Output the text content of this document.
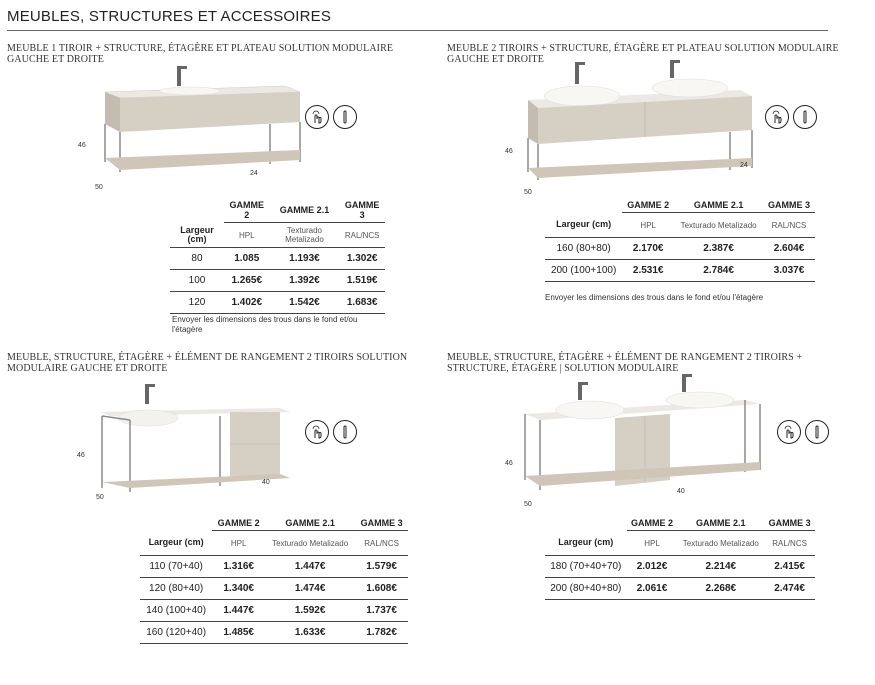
MEUBLES, STRUCTURES ET ACCESSOIRES
MEUBLE 1 TIROIR + STRUCTURE, ÉTAGÈRE ET PLATEAU SOLUTION MODULAIRE GAUCHE ET DROITE
46
50
24
	GAMME 2	GAMME 2.1	GAMME 3
Largeur (cm)	HPL	Texturado Metalizado	RAL/NCS
80	1.085	1.193€	1.302€
100	1.265€	1.392€	1.519€
120	1.402€	1.542€	1.683€
Envoyer les dimensions des trous dans le fond et/ou l'étagère
MEUBLE 2 TIROIRS + STRUCTURE, ÉTAGÈRE ET PLATEAU SOLUTION MODULAIRE GAUCHE ET DROITE
46
50
24
	GAMME 2	GAMME 2.1	GAMME 3
Largeur (cm)	HPL	Texturado Metalizado	RAL/NCS
160 (80+80)	2.170€	2.387€	2.604€
200 (100+100)	2.531€	2.784€	3.037€
Envoyer les dimensions des trous dans le fond et/ou l'étagère
MEUBLE, STRUCTURE, ÉTAGÈRE + ÉLÉMENT DE RANGEMENT 2 TIROIRS SOLUTION MODULAIRE GAUCHE ET DROITE
46
50
40
	GAMME 2	GAMME 2.1	GAMME 3
Largeur (cm)	HPL	Texturado Metalizado	RAL/NCS
110 (70+40)	1.316€	1.447€	1.579€
120 (80+40)	1.340€	1.474€	1.608€
140 (100+40)	1.447€	1.592€	1.737€
160 (120+40)	1.485€	1.633€	1.782€
MEUBLE, STRUCTURE, ÉTAGÈRE + ÉLÉMENT DE RANGEMENT 2 TIROIRS + STRUCTURE, ÉTAGÈRE | SOLUTION MODULAIRE
46
50
40
	GAMME 2	GAMME 2.1	GAMME 3
Largeur (cm)	HPL	Texturado Metalizado	RAL/NCS
180 (70+40+70)	2.012€	2.214€	2.415€
200 (80+40+80)	2.061€	2.268€	2.474€
